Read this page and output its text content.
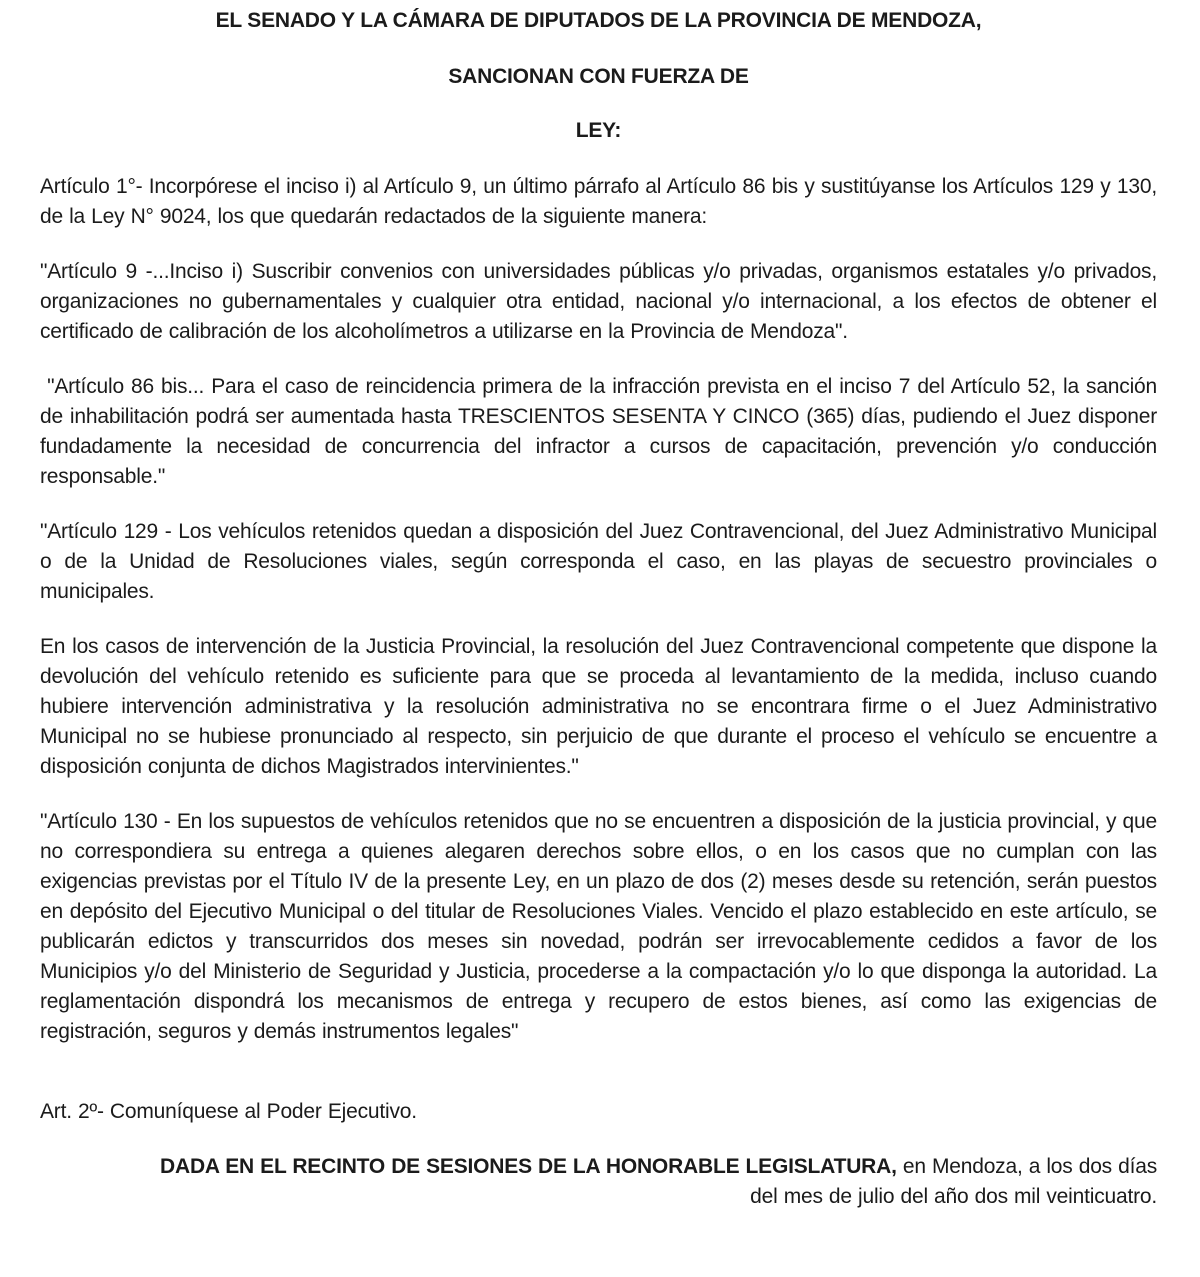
EL SENADO Y LA CÁMARA DE DIPUTADOS DE LA PROVINCIA DE MENDOZA,

SANCIONAN CON FUERZA DE

LEY:

Artículo 1°- Incorpórese el inciso i) al Artículo 9, un último párrafo al Artículo 86 bis y sustitúyanse los Artículos 129 y 130, de la Ley N° 9024, los que quedarán redactados de la siguiente manera:

"Artículo 9 -...Inciso i) Suscribir convenios con universidades públicas y/o privadas, organismos estatales y/o privados, organizaciones no gubernamentales y cualquier otra entidad, nacional y/o internacional, a los efectos de obtener el certificado de calibración de los alcoholímetros a utilizarse en la Provincia de Mendoza".

"Artículo 86 bis... Para el caso de reincidencia primera de la infracción prevista en el inciso 7 del Artículo 52, la sanción de inhabilitación podrá ser aumentada hasta TRESCIENTOS SESENTA Y CINCO (365) días, pudiendo el Juez disponer fundadamente la necesidad de concurrencia del infractor a cursos de capacitación, prevención y/o conducción responsable."

"Artículo 129 - Los vehículos retenidos quedan a disposición del Juez Contravencional, del Juez Administrativo Municipal o de la Unidad de Resoluciones viales, según corresponda el caso, en las playas de secuestro provinciales o municipales.

En los casos de intervención de la Justicia Provincial, la resolución del Juez Contravencional competente que dispone la devolución del vehículo retenido es suficiente para que se proceda al levantamiento de la medida, incluso cuando hubiere intervención administrativa y la resolución administrativa no se encontrara firme o el Juez Administrativo Municipal no se hubiese pronunciado al respecto, sin perjuicio de que durante el proceso el vehículo se encuentre a disposición conjunta de dichos Magistrados intervinientes."

"Artículo 130 - En los supuestos de vehículos retenidos que no se encuentren a disposición de la justicia provincial, y que no correspondiera su entrega a quienes alegaren derechos sobre ellos, o en los casos que no cumplan con las exigencias previstas por el Título IV de la presente Ley, en un plazo de dos (2) meses desde su retención, serán puestos en depósito del Ejecutivo Municipal o del titular de Resoluciones Viales. Vencido el plazo establecido en este artículo, se publicarán edictos y transcurridos dos meses sin novedad, podrán ser irrevocablemente cedidos a favor de los Municipios y/o del Ministerio de Seguridad y Justicia, procederse a la compactación y/o lo que disponga la autoridad. La reglamentación dispondrá los mecanismos de entrega y recupero de estos bienes, así como las exigencias de registración, seguros y demás instrumentos legales"

Art. 2º- Comuníquese al Poder Ejecutivo.

DADA EN EL RECINTO DE SESIONES DE LA HONORABLE LEGISLATURA, en Mendoza, a los dos días
del mes de julio del año dos mil veinticuatro.
